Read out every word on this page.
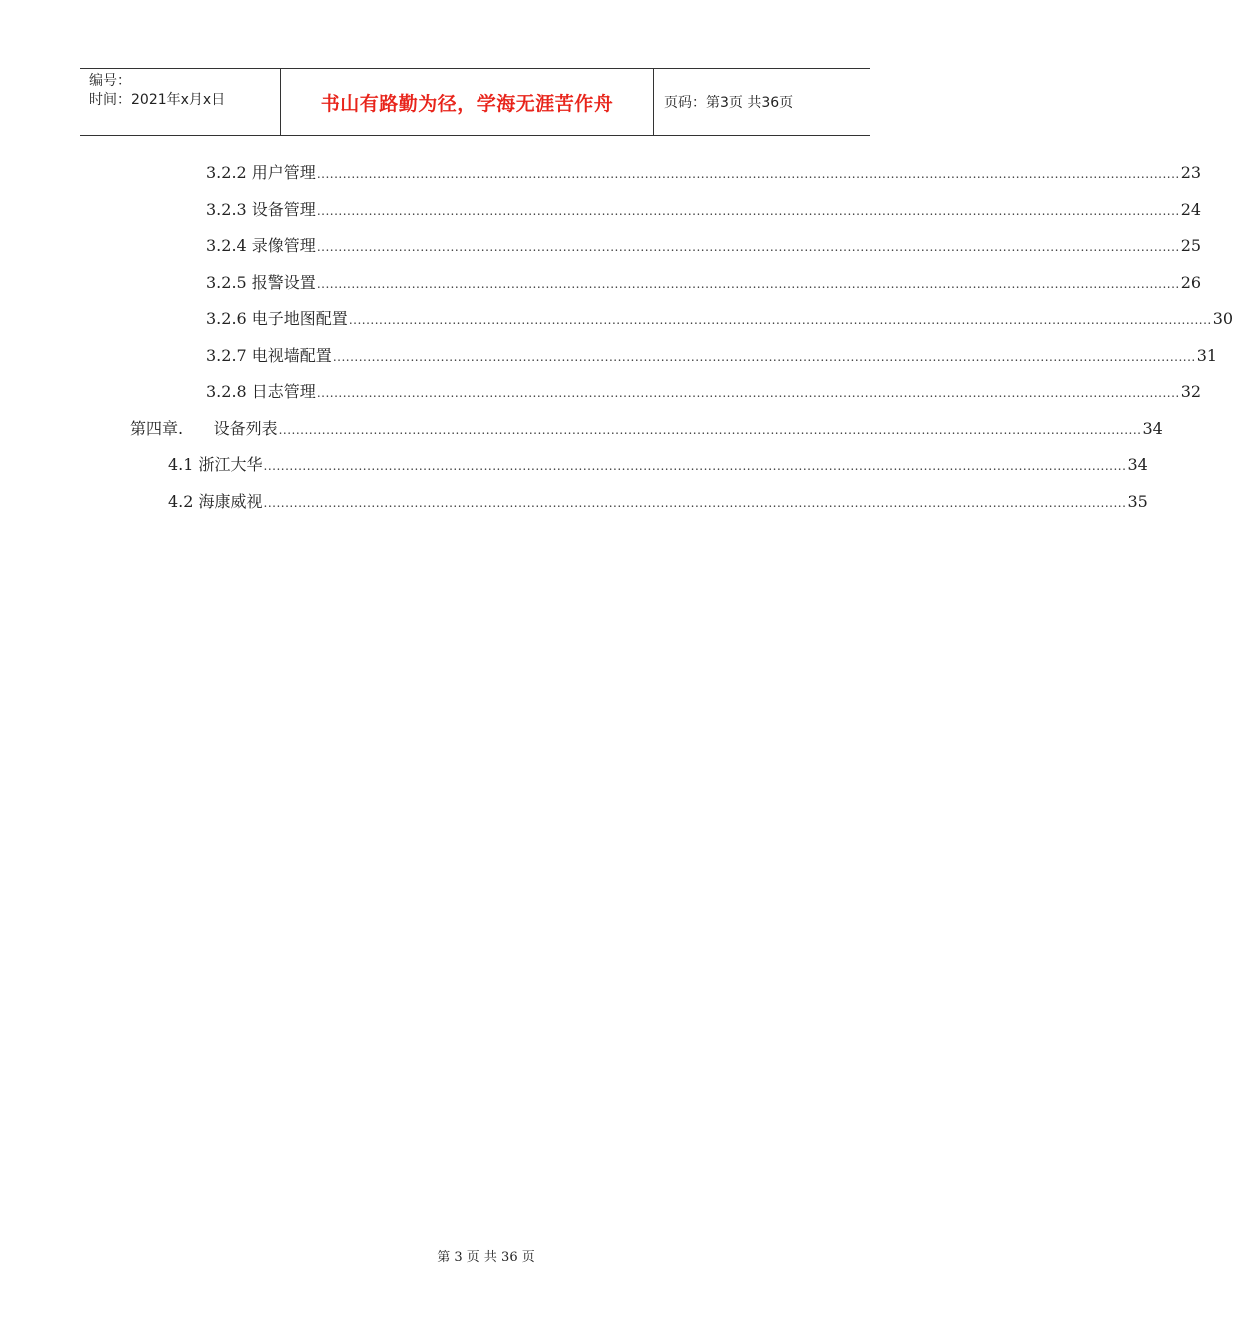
编号：
时间：2021年x月x日	书山有路勤为径，学海无涯苦作舟	页码：第3页 共36页
3.2.2 用户管理 ........................................................................................................................................................................................................ 23
3.2.3 设备管理 ........................................................................................................................................................................................................ 24
3.2.4 录像管理 ........................................................................................................................................................................................................ 25
3.2.5 报警设置 ........................................................................................................................................................................................................ 26
3.2.6 电子地图配置 ........................................................................................................................................................................................................ 30
3.2.7 电视墙配置 ........................................................................................................................................................................................................ 31
3.2.8 日志管理 ........................................................................................................................................................................................................ 32
第四章.      设备列表 ........................................................................................................................................................................................................ 34
4.1 浙江大华 ........................................................................................................................................................................................................ 34
4.2 海康威视 ........................................................................................................................................................................................................ 35
第 3 页 共 36 页
